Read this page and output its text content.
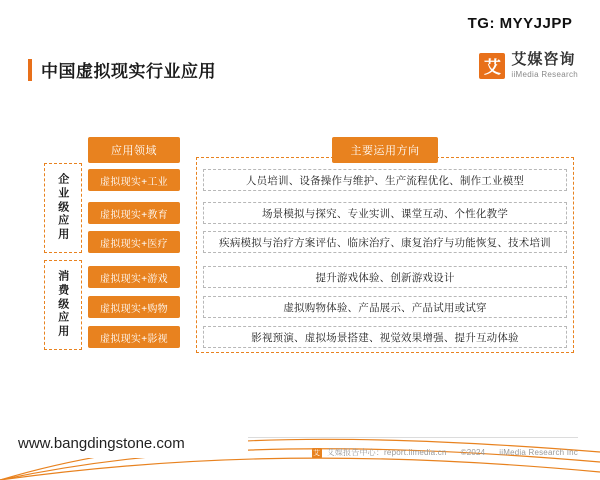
中国虚拟现实行业应用	艾 艾媒咨询
iiMedia Research
应用领域	主要运用方向
企业级应用
消费级应用
虚拟现实+工业	人员培训、设备操作与维护、生产流程优化、制作工业模型
虚拟现实+教育	场景模拟与探究、专业实训、课堂互动、个性化教学
虚拟现实+医疗	疾病模拟与治疗方案评估、临床治疗、康复治疗与功能恢复、技术培训
虚拟现实+游戏	提升游戏体验、创新游戏设计
虚拟现实+购物	虚拟购物体验、产品展示、产品试用或试穿
虚拟现实+影视	影视预演、虚拟场景搭建、视觉效果增强、提升互动体验
艾 艾媒报告中心：report.iimedia.cn ©2024 iiMedia Research Inc
TG: MYYJJPP
www.bangdingstone.com
